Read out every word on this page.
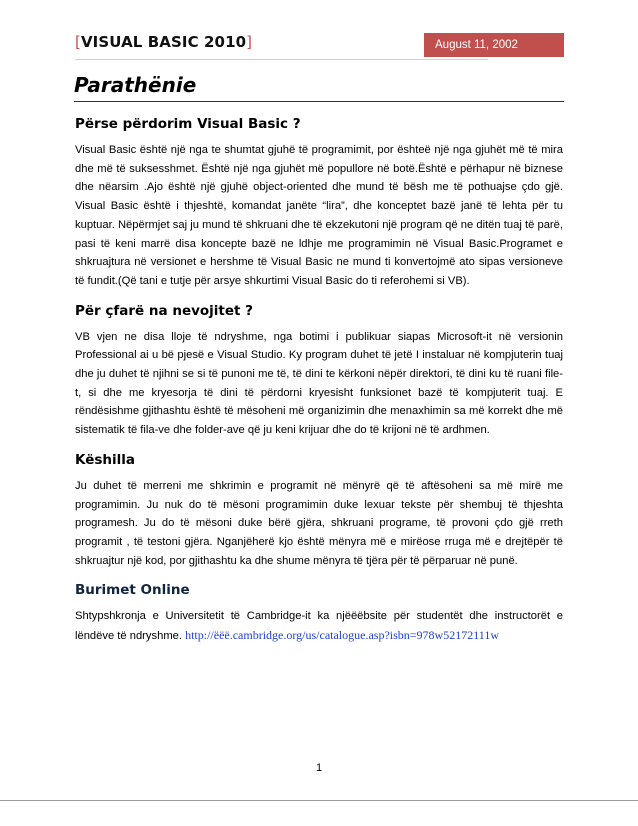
[VISUAL BASIC 2010]	August 11, 2002
Parathënie
Përse përdorim Visual Basic ?

Visual Basic është një nga te shumtat gjuhë të programimit, por ështeë një nga gjuhët më të mira dhe më të suksesshmet. Është një nga gjuhët më popullore në botë.Është e përhapur në biznese dhe nëarsim .Ajo është një gjuhë object-oriented dhe mund të bësh me të pothuajse çdo gjë. Visual Basic është i thjeshtë, komandat janëte “lira”, dhe konceptet bazë janë të lehta për tu kuptuar. Nëpërmjet saj ju mund të shkruani dhe të ekzekutoni një program që ne ditën tuaj të parë, pasi të keni marrë disa koncepte bazë ne ldhje me programimin në Visual Basic.Programet e shkruajtura në versionet e hershme të Visual Basic ne mund ti konvertojmë ato sipas versioneve të fundit.(Që tani e tutje për arsye shkurtimi Visual Basic do ti referohemi si VB).

Për çfarë na nevojitet ?

VB vjen ne disa lloje të ndryshme, nga botimi i publikuar siapas Microsoft-it në versionin Professional ai u bë pjesë e Visual Studio. Ky program duhet të jetë I instaluar në kompjuterin tuaj dhe ju duhet të njihni se si të punoni me të, të dini te kërkoni nëpër direktori, të dini ku të ruani file-t, si dhe me kryesorja të dini të përdorni kryesisht funksionet bazë të kompjuterit tuaj. E rëndësishme gjithashtu është të mësoheni më organizimin dhe menaxhimin sa më korrekt dhe më sistematik të fila-ve dhe folder-ave që ju keni krijuar dhe do të krijoni në të ardhmen.

Këshilla

Ju duhet të merreni me shkrimin e programit në mënyrë që të aftësoheni sa më mirë me programimin. Ju nuk do të mësoni programimin duke lexuar tekste për shembuj të thjeshta programesh. Ju do të mësoni duke bërë gjëra, shkruani programe, të provoni çdo gjë rreth programit , të testoni gjëra. Nganjëherë kjo është mënyra më e mirëose rruga më e drejtëpër të shkruajtur një kod, por gjithashtu ka dhe shume mënyra të tjëra për të përparuar në punë.

Burimet Online

Shtypshkronja e Universitetit të Cambridge-it ka njëëëbsite për studentët dhe instructorët e lëndëve të ndryshme. http://ëëë.cambridge.org/us/catalogue.asp?isbn=978w52172111w

1
